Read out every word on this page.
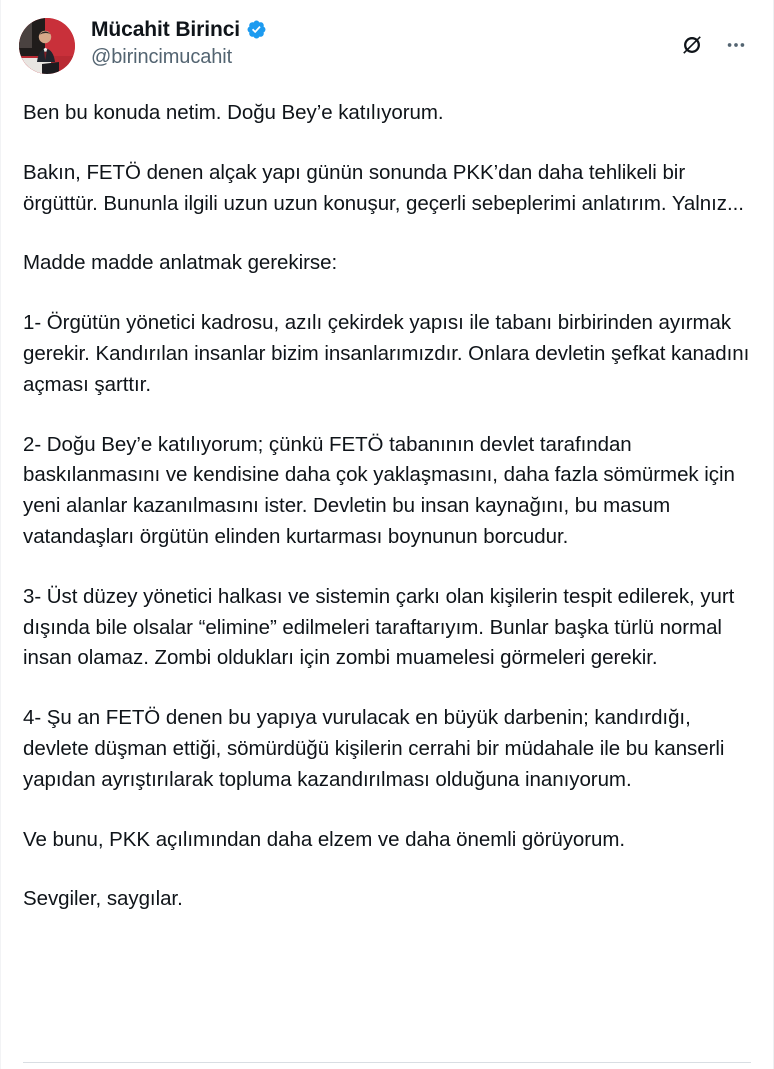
Mücahit Birinci
@birincimucahit

Ben bu konuda netim. Doğu Bey’e katılıyorum.

Bakın, FETÖ denen alçak yapı günün sonunda PKK’dan daha tehlikeli bir örgüttür. Bununla ilgili uzun uzun konuşur, geçerli sebeplerimi anlatırım. Yalnız...

Madde madde anlatmak gerekirse:

1- Örgütün yönetici kadrosu, azılı çekirdek yapısı ile tabanı birbirinden ayırmak gerekir. Kandırılan insanlar bizim insanlarımızdır. Onlara devletin şefkat kanadını açması şarttır.

2- Doğu Bey’e katılıyorum; çünkü FETÖ tabanının devlet tarafından baskılanmasını ve kendisine daha çok yaklaşmasını, daha fazla sömürmek için yeni alanlar kazanılmasını ister. Devletin bu insan kaynağını, bu masum vatandaşları örgütün elinden kurtarması boynunun borcudur.

3- Üst düzey yönetici halkası ve sistemin çarkı olan kişilerin tespit edilerek, yurt dışında bile olsalar “elimine” edilmeleri taraftarıyım. Bunlar başka türlü normal insan olamaz. Zombi oldukları için zombi muamelesi görmeleri gerekir.

4- Şu an FETÖ denen bu yapıya vurulacak en büyük darbenin; kandırdığı, devlete düşman ettiği, sömürdüğü kişilerin cerrahi bir müdahale ile bu kanserli yapıdan ayrıştırılarak topluma kazandırılması olduğuna inanıyorum.

Ve bunu, PKK açılımından daha elzem ve daha önemli görüyorum.

Sevgiler, saygılar.
